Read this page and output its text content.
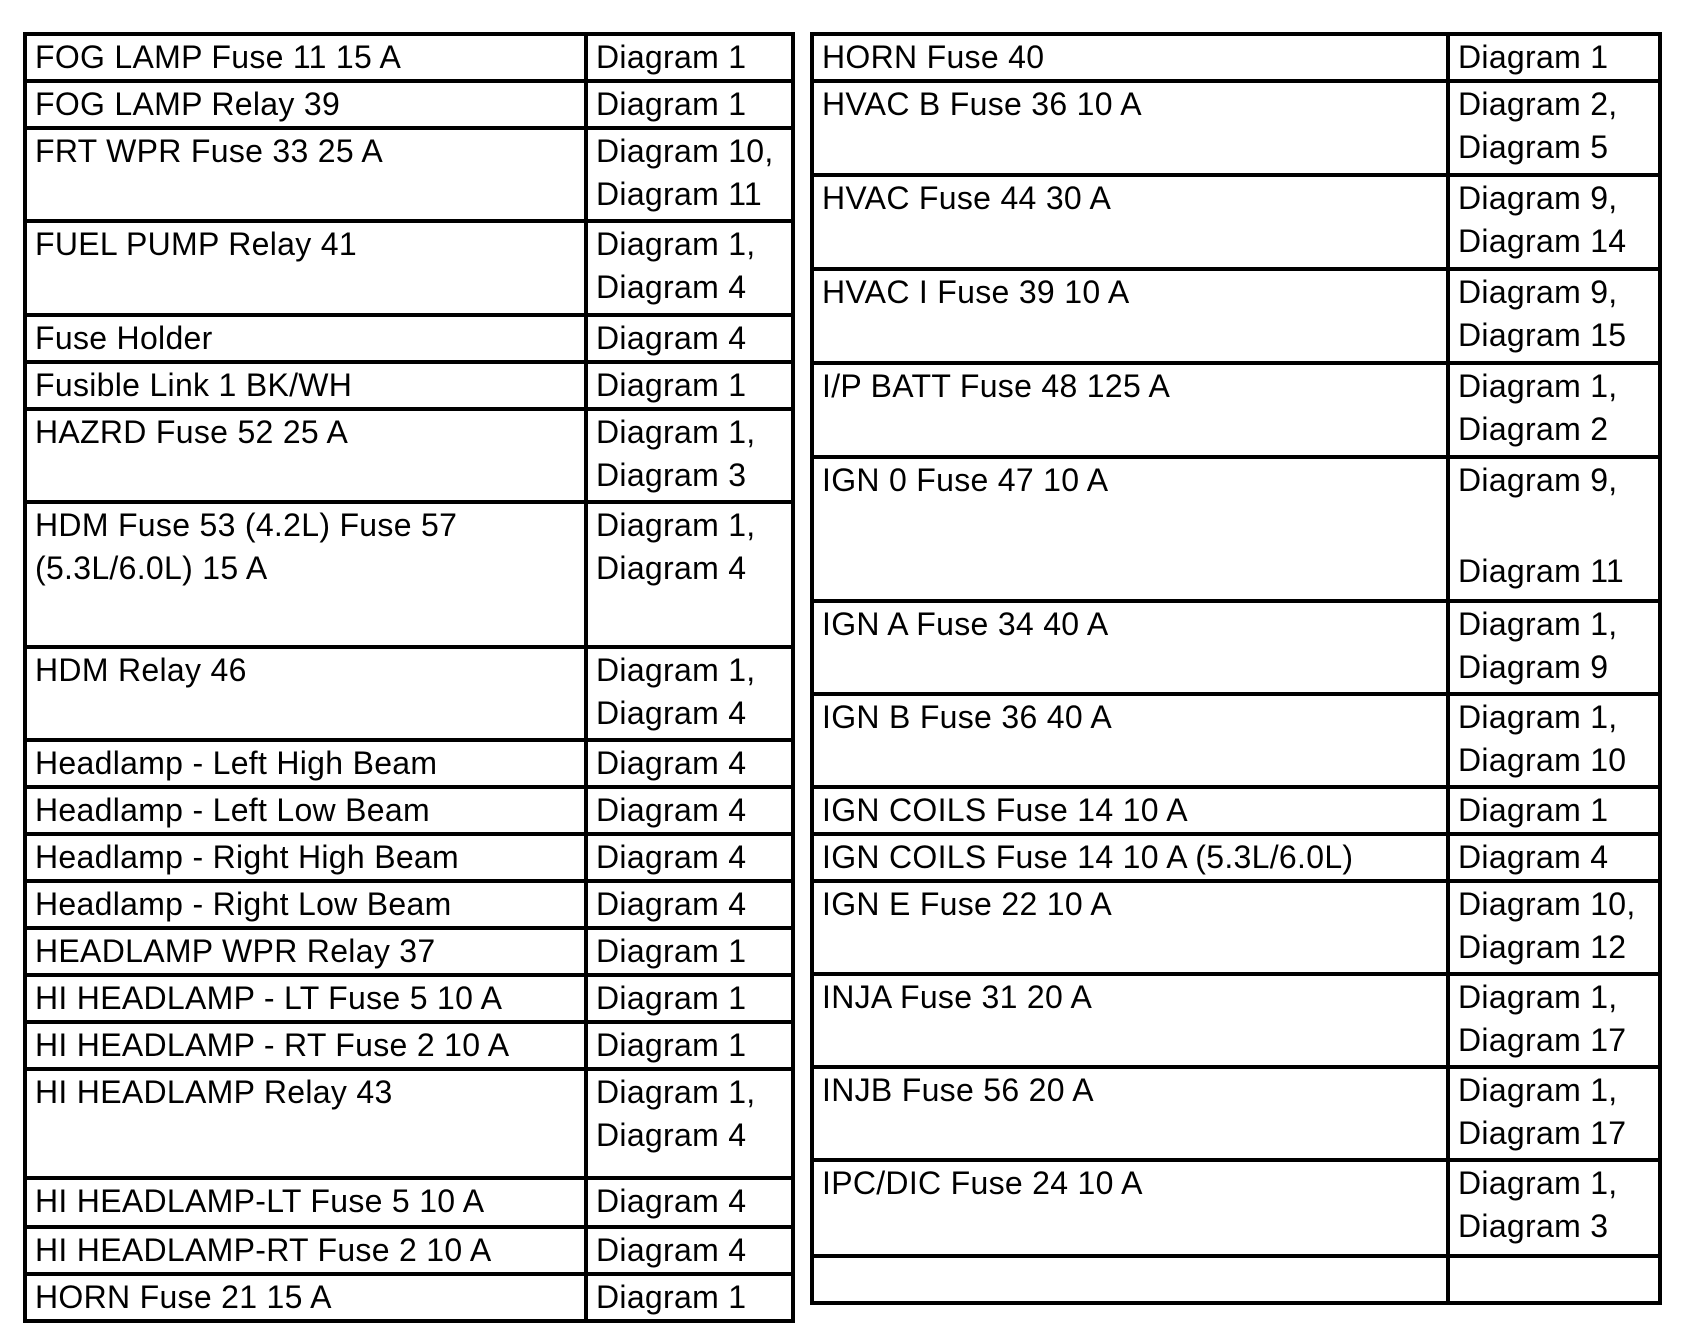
FOG LAMP Fuse 11 15 A	Diagram 1

FOG LAMP Relay 39	Diagram 1

FRT WPR Fuse 33 25 A	Diagram 10,
Diagram 11

FUEL PUMP Relay 41	Diagram 1,
Diagram 4

Fuse Holder	Diagram 4

Fusible Link 1 BK/WH	Diagram 1

HAZRD Fuse 52 25 A	Diagram 1,
Diagram 3

HDM Fuse 53 (4.2L) Fuse 57 (5.3L/6.0L) 15 A	Diagram 1,
Diagram 4

HDM Relay 46	Diagram 1,
Diagram 4

Headlamp - Left High Beam	Diagram 4

Headlamp - Left Low Beam	Diagram 4

Headlamp - Right High Beam	Diagram 4

Headlamp - Right Low Beam	Diagram 4

HEADLAMP WPR Relay 37	Diagram 1

HI HEADLAMP - LT Fuse 5 10 A	Diagram 1

HI HEADLAMP - RT Fuse 2 10 A	Diagram 1

HI HEADLAMP Relay 43	Diagram 1,
Diagram 4

HI HEADLAMP-LT Fuse 5 10 A	Diagram 4

HI HEADLAMP-RT Fuse 2 10 A	Diagram 4

HORN Fuse 21 15 A	Diagram 1
HORN Fuse 40	Diagram 1

HVAC B Fuse 36 10 A	Diagram 2,
Diagram 5

HVAC Fuse 44 30 A	Diagram 9,
Diagram 14

HVAC I Fuse 39 10 A	Diagram 9,
Diagram 15

I/P BATT Fuse 48 125 A	Diagram 1,
Diagram 2

IGN 0 Fuse 47 10 A	Diagram 9,
Diagram 11

IGN A Fuse 34 40 A	Diagram 1,
Diagram 9

IGN B Fuse 36 40 A	Diagram 1,
Diagram 10

IGN COILS Fuse 14 10 A	Diagram 1

IGN COILS Fuse 14 10 A (5.3L/6.0L)	Diagram 4

IGN E Fuse 22 10 A	Diagram 10,
Diagram 12

INJA Fuse 31 20 A	Diagram 1,
Diagram 17

INJB Fuse 56 20 A	Diagram 1,
Diagram 17

IPC/DIC Fuse 24 10 A	Diagram 1,
Diagram 3
